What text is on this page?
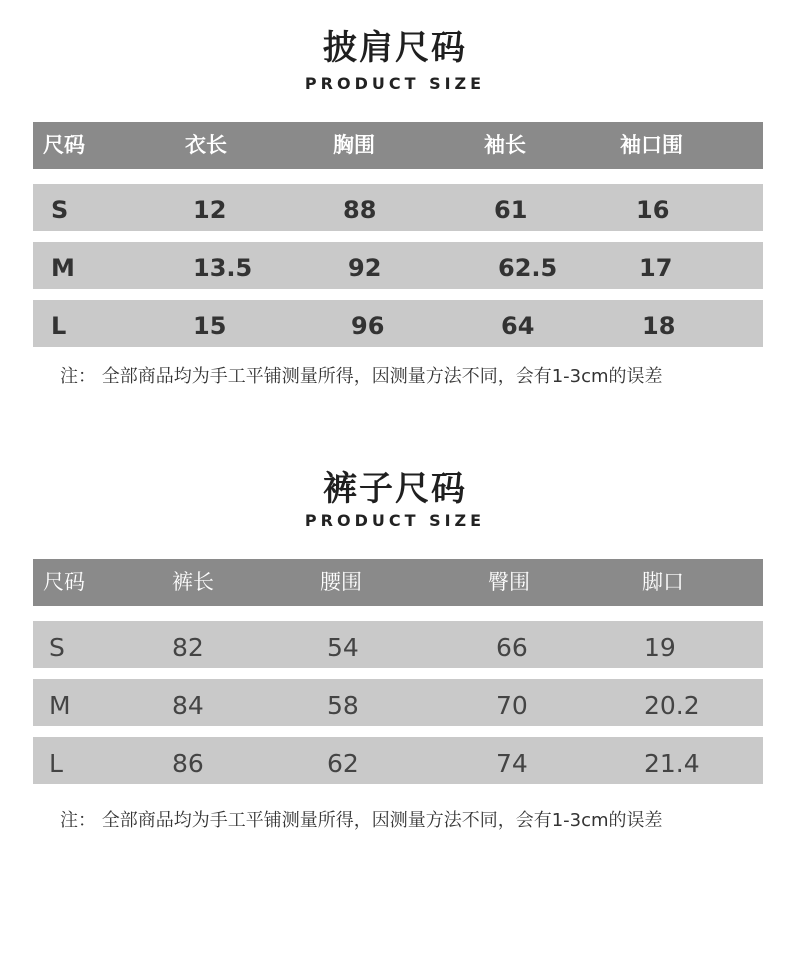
披肩尺码
PRODUCT SIZE
尺码	衣长	胸围	袖长	袖口围
S	12	88	61	16
M	13.5	92	62.5	17
L	15	96	64	18
注： 全部商品均为手工平铺测量所得，因测量方法不同，会有1-3cm的误差
裤子尺码
PRODUCT SIZE
尺码	裤长	腰围	臀围	脚口
S	82	54	66	19
M	84	58	70	20.2
L	86	62	74	21.4
注： 全部商品均为手工平铺测量所得，因测量方法不同，会有1-3cm的误差
